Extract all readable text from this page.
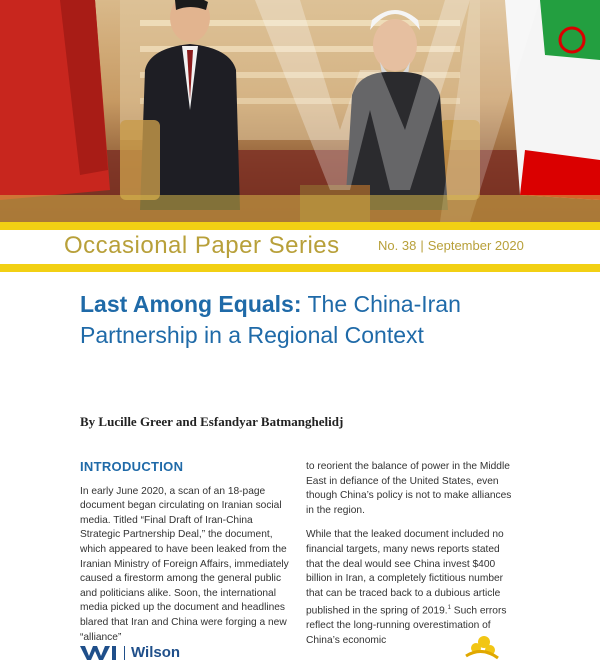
Occasional Paper Series	No. 38 | September 2020
Last Among Equals: The China-Iran Partnership in a Regional Context
By Lucille Greer and Esfandyar Batmanghelidj
INTRODUCTION

In early June 2020, a scan of an 18-page document began circulating on Iranian social media. Titled “Final Draft of Iran-China Strategic Partnership Deal,” the document, which appeared to have been leaked from the Iranian Ministry of Foreign Affairs, immediately caused a firestorm among the general public and politicians alike. Soon, the international media picked up the document and headlines blared that Iran and China were forging a new “alliance”

to reorient the balance of power in the Middle East in defiance of the United States, even though China’s policy is not to make alliances in the region.

While that the leaked document included no financial targets, many news reports stated that the deal would see China invest $400 billion in Iran, a completely fictitious number that can be traced back to a dubious article published in the spring of 2019.$^1$ Such errors reflect the long-running overestimation of China’s economic

Wilson
